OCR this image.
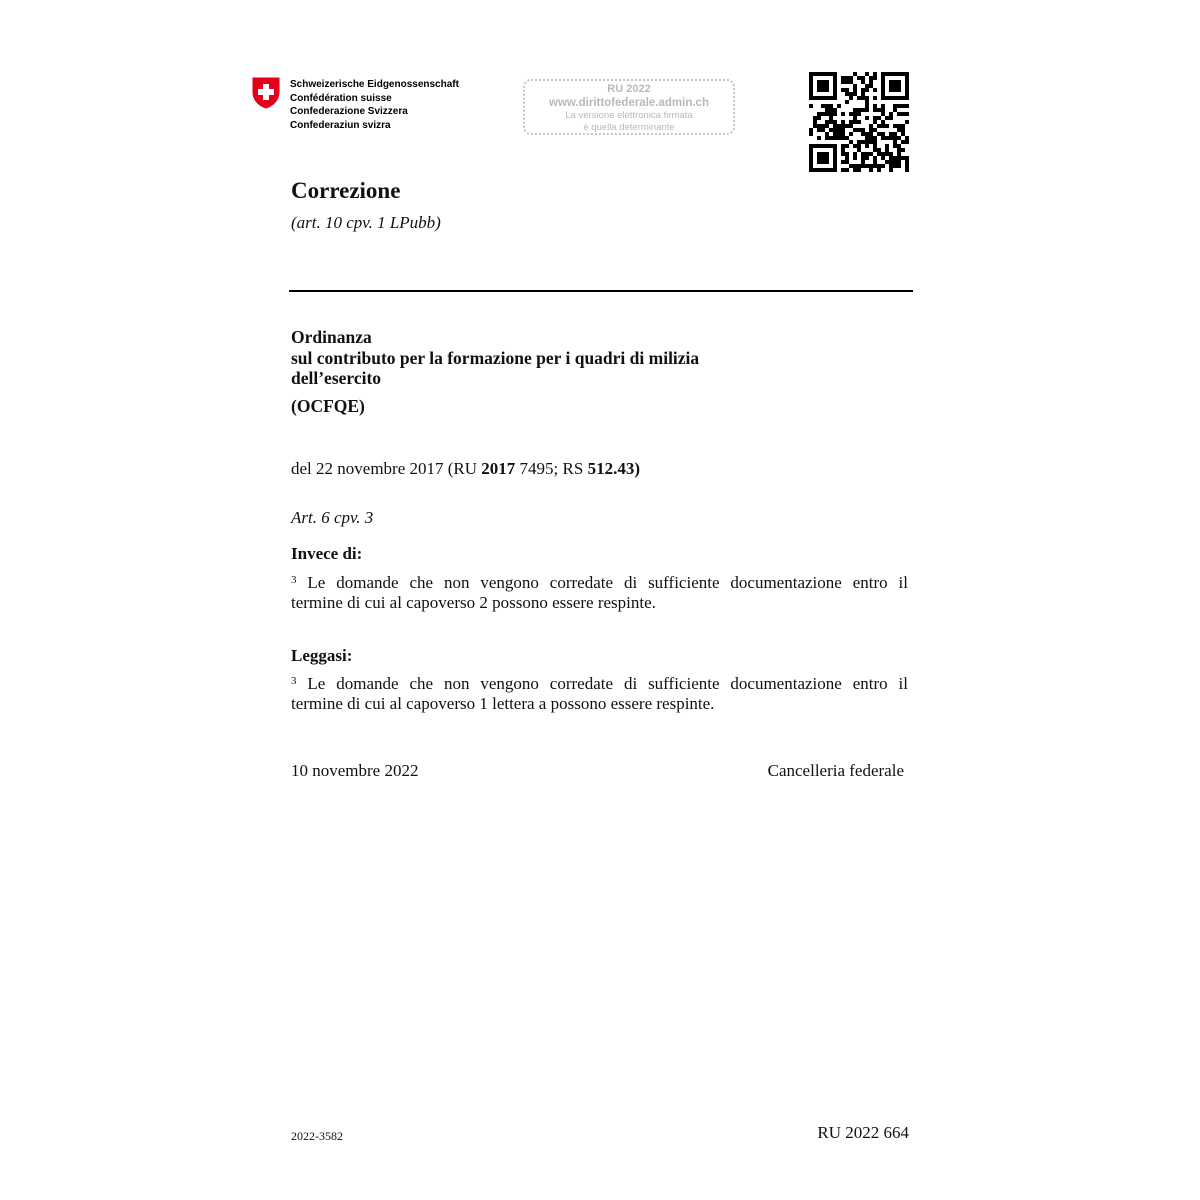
Schweizerische Eidgenossenschaft
Confédération suisse
Confederazione Svizzera
Confederaziun svizra
RU 2022
www.dirittofederale.admin.ch
La versione elettronica firmata
è quella determinante
Correzione
(art. 10 cpv. 1 LPubb)
Ordinanza
sul contributo per la formazione per i quadri di milizia
dell’esercito
(OCFQE)
del 22 novembre 2017 (RU 2017 7495; RS 512.43)
Art. 6 cpv. 3
Invece di:
$^3$ Le domande che non vengono corredate di sufficiente documentazione entro il
termine di cui al capoverso 2 possono essere respinte.
Leggasi:
$^3$ Le domande che non vengono corredate di sufficiente documentazione entro il
termine di cui al capoverso 1 lettera a possono essere respinte.
10 novembre 2022	Cancelleria federale
2022-3582	RU 2022 664
